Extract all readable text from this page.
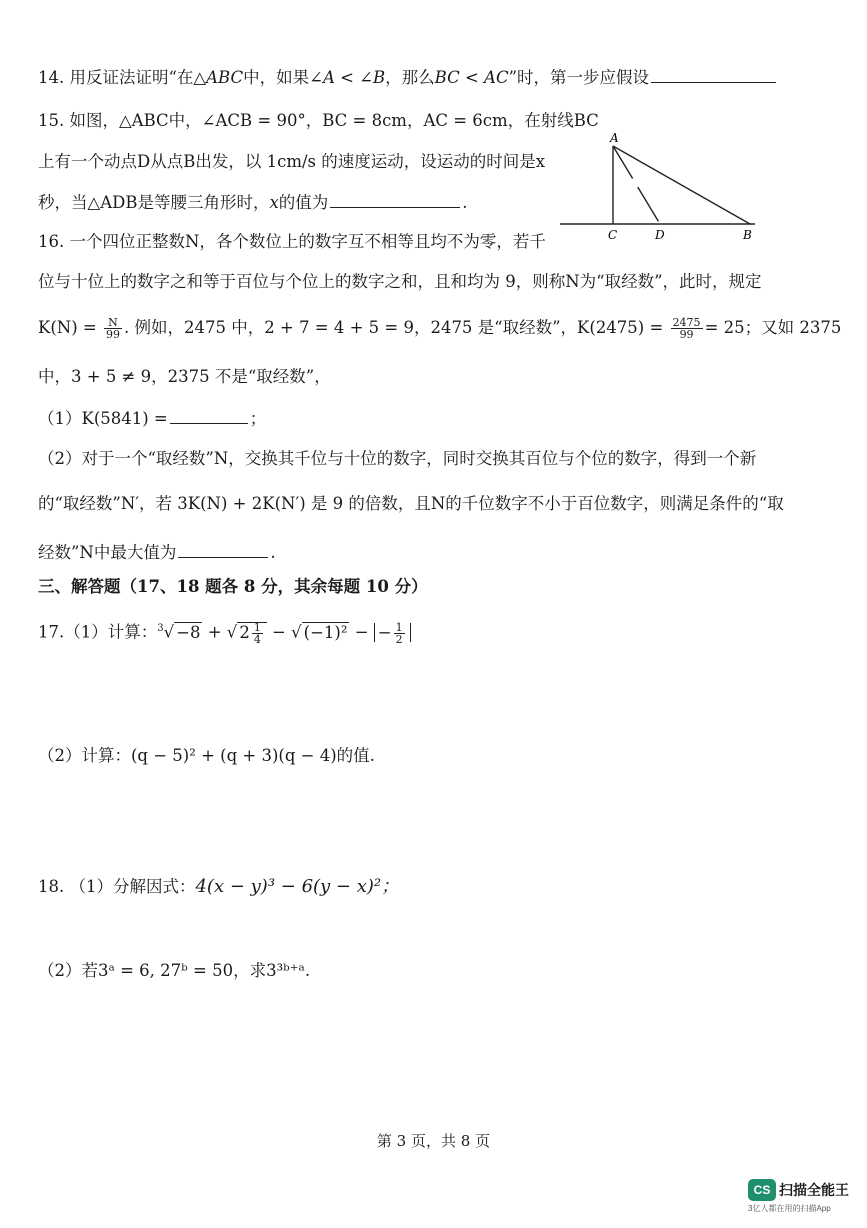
14. 用反证法证明“在△ABC中，如果∠A < ∠B，那么BC < AC”时，第一步应假设
15. 如图，△ABC中，∠ACB = 90°，BC = 8cm，AC = 6cm，在射线BC
上有一个动点D从点B出发，以 1cm/s 的速度运动，设运动的时间是x
秒，当△ADB是等腰三角形时，x的值为	.
A
C	D	B
16. 一个四位正整数N，各个数位上的数字互不相等且均不为零，若千
位与十位上的数字之和等于百位与个位上的数字之和，且和均为 9，则称N为“取经数”，此时，规定
$K(N) = \frac{N}{99}$ . 例如，2475 中，2 + 7 = 4 + 5 = 9，2475 是“取经数”，$K(2475) = \frac{2475}{99} = 25$；又如 2375
中，3 + 5 ≠ 9，2375 不是“取经数”，
（1）K(5841) =	；
（2）对于一个“取经数”N，交换其千位与十位的数字，同时交换其百位与个位的数字，得到一个新
的“取经数”N′，若 3K(N) + 2K(N′) 是 9 的倍数，且N的千位数字不小于百位数字，则满足条件的“取
经数”N中最大值为	.
三、解答题（17、18 题各 8 分，其余每题 10 分）
17.（1）计算：$^3$√ −8 + √ $2 \frac{1}{4}$ − √ (−1)² − − $\frac{1}{2}$
（2）计算：(q − 5)² + (q + 3)(q − 4)的值.
18. （1）分解因式：4(x − y)³ − 6(y − x)²；
（2）若3ᵃ = 6, 27ᵇ = 50，求3³ᵇ⁺ᵃ.
第 3 页，共 8 页
CS 扫描全能王
3亿人都在用的扫描App
